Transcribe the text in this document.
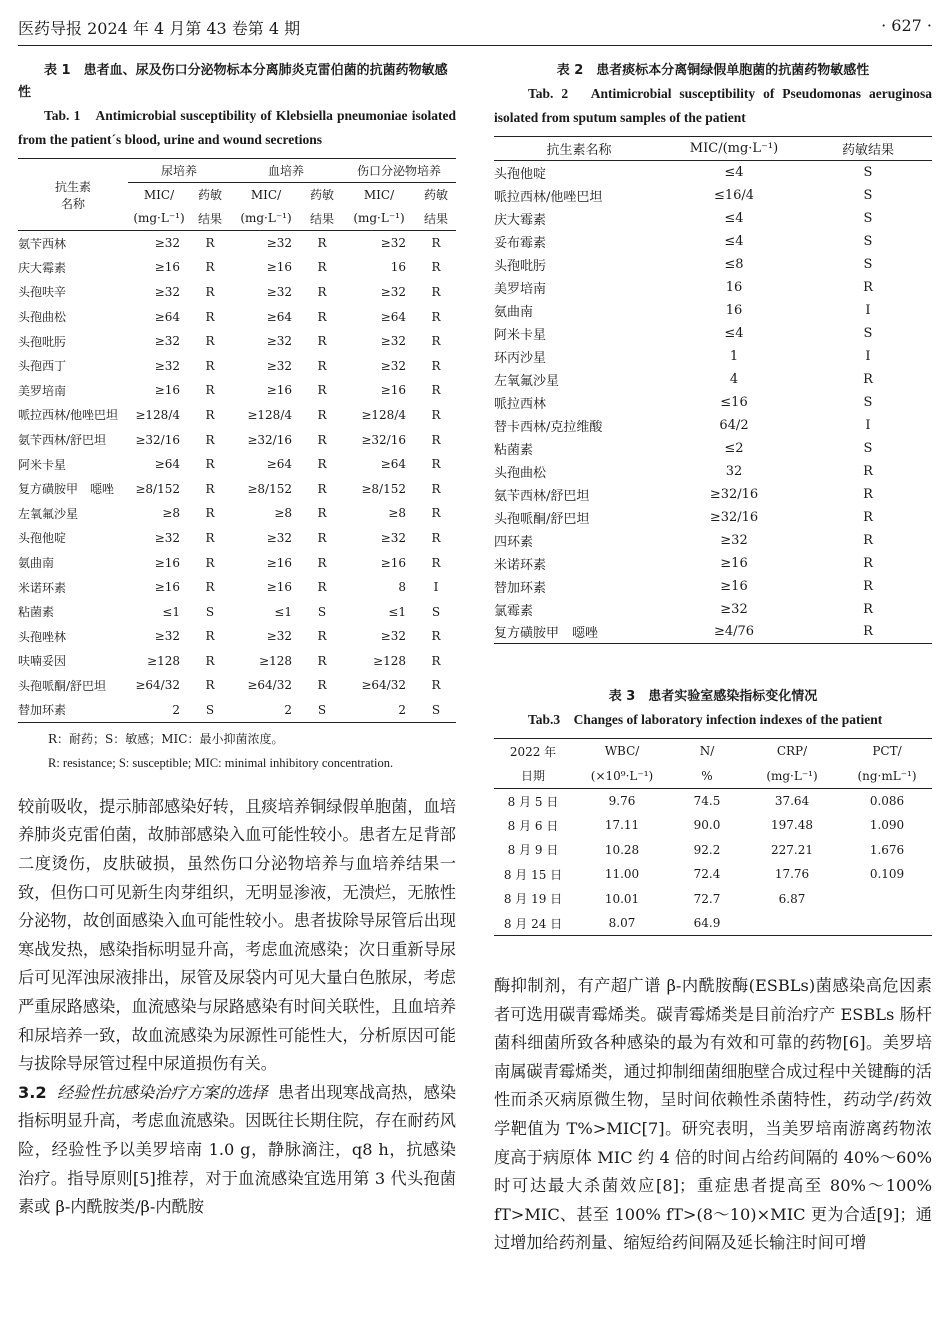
医药导报 2024 年 4 月第 43 卷第 4 期	· 627 ·
表 1　患者血、尿及伤口分泌物标本分离肺炎克雷伯菌的抗菌药物敏感性
Tab. 1　Antimicrobial susceptibility of Klebsiella pneumoniae isolated from the patient´s blood, urine and wound secretions
抗生素
名称	尿培养		血培养		伤口分泌物培养	
	MIC/	药敏	MIC/	药敏	MIC/	药敏
	(mg·L⁻¹)	结果	(mg·L⁻¹)	结果	(mg·L⁻¹)	结果
氨苄西林	≥32	R	≥32	R	≥32	R
庆大霉素	≥16	R	≥16	R	16	R
头孢呋辛	≥32	R	≥32	R	≥32	R
头孢曲松	≥64	R	≥64	R	≥64	R
头孢吡肟	≥32	R	≥32	R	≥32	R
头孢西丁	≥32	R	≥32	R	≥32	R
美罗培南	≥16	R	≥16	R	≥16	R
哌拉西林/他唑巴坦	≥128/4	R	≥128/4	R	≥128/4	R
氨苄西林/舒巴坦	≥32/16	R	≥32/16	R	≥32/16	R
阿米卡星	≥64	R	≥64	R	≥64	R
复方磺胺甲　噁唑	≥8/152	R	≥8/152	R	≥8/152	R
左氧氟沙星	≥8	R	≥8	R	≥8	R
头孢他啶	≥32	R	≥32	R	≥32	R
氨曲南	≥16	R	≥16	R	≥16	R
米诺环素	≥16	R	≥16	R	8	I
粘菌素	≤1	S	≤1	S	≤1	S
头孢唑林	≥32	R	≥32	R	≥32	R
呋喃妥因	≥128	R	≥128	R	≥128	R
头孢哌酮/舒巴坦	≥64/32	R	≥64/32	R	≥64/32	R
替加环素	2	S	2	S	2	S
R：耐药；S：敏感；MIC：最小抑菌浓度。
R: resistance; S: susceptible; MIC: minimal inhibitory concentration.
较前吸收，提示肺部感染好转，且痰培养铜绿假单胞菌，血培养肺炎克雷伯菌，故肺部感染入血可能性较小。患者左足背部二度烫伤，皮肤破损，虽然伤口分泌物培养与血培养结果一致，但伤口可见新生肉芽组织，无明显渗液，无溃烂，无脓性分泌物，故创面感染入血可能性较小。患者拔除导尿管后出现寒战发热，感染指标明显升高，考虑血流感染；次日重新导尿后可见浑浊尿液排出，尿管及尿袋内可见大量白色脓尿，考虑严重尿路感染，血流感染与尿路感染有时间关联性，且血培养和尿培养一致，故血流感染为尿源性可能性大，分析原因可能与拔除导尿管过程中尿道损伤有关。
3.2 经验性抗感染治疗方案的选择 患者出现寒战高热，感染指标明显升高，考虑血流感染。因既往长期住院，存在耐药风险，经验性予以美罗培南 1.0 g，静脉滴注，q8 h，抗感染治疗。指导原则[5]推荐，对于血流感染宜选用第 3 代头孢菌素或 β-内酰胺类/β-内酰胺
表 2　患者痰标本分离铜绿假单胞菌的抗菌药物敏感性
Tab. 2　Antimicrobial susceptibility of Pseudomonas aeruginosa isolated from sputum samples of the patient
抗生素名称	MIC/(mg·L⁻¹)	药敏结果
头孢他啶	≤4	S
哌拉西林/他唑巴坦	≤16/4	S
庆大霉素	≤4	S
妥布霉素	≤4	S
头孢吡肟	≤8	S
美罗培南	16	R
氨曲南	16	I
阿米卡星	≤4	S
环丙沙星	1	I
左氧氟沙星	4	R
哌拉西林	≤16	S
替卡西林/克拉维酸	64/2	I
粘菌素	≤2	S
头孢曲松	32	R
氨苄西林/舒巴坦	≥32/16	R
头孢哌酮/舒巴坦	≥32/16	R
四环素	≥32	R
米诺环素	≥16	R
替加环素	≥16	R
氯霉素	≥32	R
复方磺胺甲　噁唑	≥4/76	R
表 3　患者实验室感染指标变化情况
Tab.3　Changes of laboratory infection indexes of the patient
2022 年	WBC/	N/	CRP/	PCT/
日期	(×10⁹·L⁻¹)	%	(mg·L⁻¹)	(ng·mL⁻¹)
8 月 5 日	9.76	74.5	37.64	0.086
8 月 6 日	17.11	90.0	197.48	1.090
8 月 9 日	10.28	92.2	227.21	1.676
8 月 15 日	11.00	72.4	17.76	0.109
8 月 19 日	10.01	72.7	6.87	
8 月 24 日	8.07	64.9		
酶抑制剂，有产超广谱 β-内酰胺酶(ESBLs)菌感染高危因素者可选用碳青霉烯类。碳青霉烯类是目前治疗产 ESBLs 肠杆菌科细菌所致各种感染的最为有效和可靠的药物[6]。美罗培南属碳青霉烯类，通过抑制细菌细胞壁合成过程中关键酶的活性而杀灭病原微生物，呈时间依赖性杀菌特性，药动学/药效学靶值为 T%>MIC[7]。研究表明，当美罗培南游离药物浓度高于病原体 MIC 约 4 倍的时间占给药间隔的 40%～60% 时可达最大杀菌效应[8]；重症患者提高至 80%～100% fT>MIC、甚至 100% fT>(8～10)×MIC 更为合适[9]；通过增加给药剂量、缩短给药间隔及延长输注时间可增
